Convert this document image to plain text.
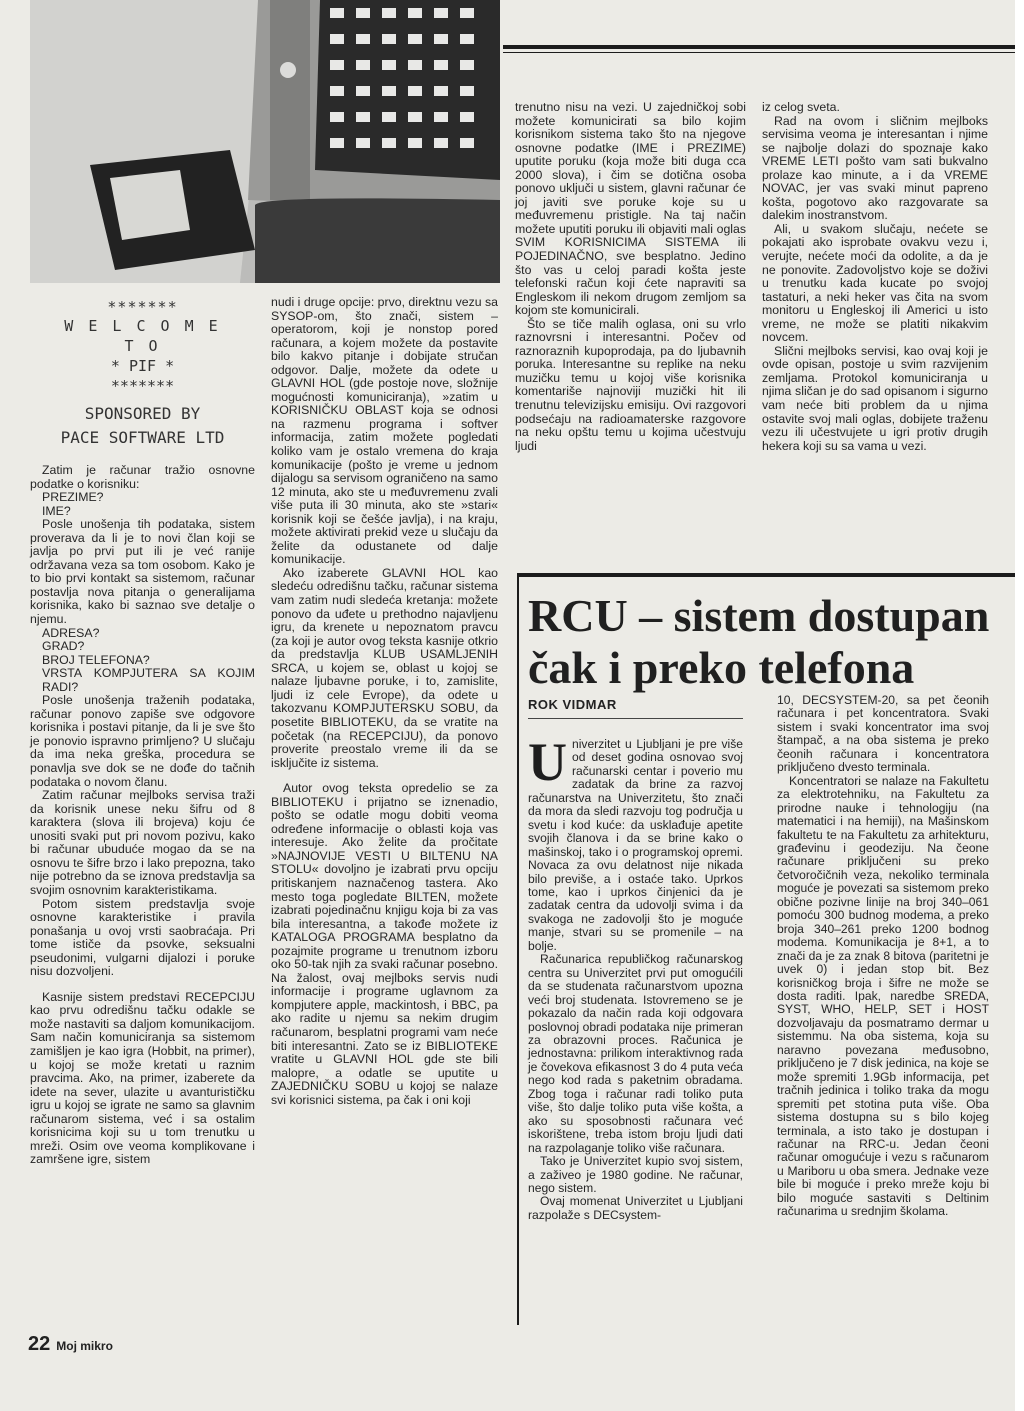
*******
W E L C O M E
T O
* PIF *
*******
SPONSORED BY
PACE SOFTWARE LTD

Zatim je računar tražio osnovne podatke o korisniku:

PREZIME?

IME?

Posle unošenja tih podataka, sistem proverava da li je to novi član koji se javlja po prvi put ili je već ranije održavana veza sa tom osobom. Kako je to bio prvi kontakt sa sistemom, računar postavlja nova pitanja o generalijama korisnika, kako bi saznao sve detalje o njemu.

ADRESA?

GRAD?

BROJ TELEFONA?

VRSTA KOMPJUTERA SA KOJIM RADI?

Posle unošenja traženih podataka, računar ponovo zapiše sve odgovore korisnika i postavi pitanje, da li je sve što je ponovio ispravno primljeno? U slučaju da ima neka greška, procedura se ponavlja sve dok se ne dođe do tačnih podataka o novom članu.

Zatim računar mejlboks servisa traži da korisnik unese neku šifru od 8 karaktera (slova ili brojeva) koju će unositi svaki put pri novom pozivu, kako bi računar ubuduće mogao da se na osnovu te šifre brzo i lako prepozna, tako nije potrebno da se iznova predstavlja sa svojim osnovnim karakteristikama.

Potom sistem predstavlja svoje osnovne karakteristike i pravila ponašanja u ovoj vrsti saobraćaja. Pri tome ističe da psovke, seksualni pseudonimi, vulgarni dijalozi i poruke nisu dozvoljeni.

Kasnije sistem predstavi RECEPCIJU kao prvu odredišnu tačku odakle se može nastaviti sa daljom komunikacijom. Sam način komuniciranja sa sistemom zamišljen je kao igra (Hobbit, na primer), u kojoj se može kretati u raznim pravcima. Ako, na primer, izaberete da idete na sever, ulazite u avanturističku igru u kojoj se igrate ne samo sa glavnim računarom sistema, već i sa ostalim korisnicima koji su u tom trenutku u mreži. Osim ove veoma komplikovane i zamršene igre, sistem

nudi i druge opcije: prvo, direktnu vezu sa SYSOP-om, što znači, sistem – operatorom, koji je nonstop pored računara, a kojem možete da postavite bilo kakvo pitanje i dobijate stručan odgovor. Dalje, možete da odete u GLAVNI HOL (gde postoje nove, složnije mogućnosti komuniciranja), »zatim u KORISNIČKU OBLAST koja se odnosi na razmenu programa i softver informacija, zatim možete pogledati koliko vam je ostalo vremena do kraja komunikacije (pošto je vreme u jednom dijalogu sa servisom ograničeno na samo 12 minuta, ako ste u međuvremenu zvali više puta ili 30 minuta, ako ste »stari« korisnik koji se češće javlja), i na kraju, možete aktivirati prekid veze u slučaju da želite da odustanete od dalje komunikacije.

Ako izaberete GLAVNI HOL kao sledeću odredišnu tačku, računar sistema vam zatim nudi sledeća kretanja: možete ponovo da uđete u prethodno najavljenu igru, da krenete u nepoznatom pravcu (za koji je autor ovog teksta kasnije otkrio da predstavlja KLUB USAMLJENIH SRCA, u kojem se, oblast u kojoj se nalaze ljubavne poruke, i to, zamislite, ljudi iz cele Evrope), da odete u takozvanu KOMPJUTERSKU SOBU, da posetite BIBLIOTEKU, da se vratite na početak (na RECEPCIJU), da ponovo proverite preostalo vreme ili da se isključite iz sistema.

Autor ovog teksta opredelio se za BIBLIOTEKU i prijatno se iznenadio, pošto se odatle mogu dobiti veoma određene informacije o oblasti koja vas interesuje. Ako želite da pročitate »NAJNOVIJE VESTI U BILTENU NA STOLU« dovoljno je izabrati prvu opciju pritiskanjem naznačenog tastera. Ako mesto toga pogledate BILTEN, možete izabrati pojedinačnu knjigu koja bi za vas bila interesantna, a takođe možete iz KATALOGA PROGRAMA besplatno da pozajmite programe u trenutnom izboru oko 50-tak njih za svaki računar posebno. Na žalost, ovaj mejlboks servis nudi informacije i programe uglavnom za kompjutere apple, mackintosh, i BBC, pa ako radite u njemu sa nekim drugim računarom, besplatni programi vam neće biti interesantni. Zato se iz BIBLIOTEKE vratite u GLAVNI HOL gde ste bili malopre, a odatle se uputite u ZAJEDNIČKU SOBU u kojoj se nalaze svi korisnici sistema, pa čak i oni koji

trenutno nisu na vezi. U zajedničkoj sobi možete komunicirati sa bilo kojim korisnikom sistema tako što na njegove osnovne podatke (IME i PREZIME) uputite poruku (koja može biti duga cca 2000 slova), i čim se dotična osoba ponovo uključi u sistem, glavni računar će joj javiti sve poruke koje su u međuvremenu pristigle. Na taj način možete uputiti poruku ili objaviti mali oglas SVIM KORISNICIMA SISTEMA ili POJEDINAČNO, sve besplatno. Jedino što vas u celoj paradi košta jeste telefonski račun koji ćete napraviti sa Engleskom ili nekom drugom zemljom sa kojom ste komunicirali.

Što se tiče malih oglasa, oni su vrlo raznovrsni i interesantni. Počev od raznoraznih kupoprodaja, pa do ljubavnih poruka. Interesantne su replike na neku muzičku temu u kojoj više korisnika komentariše najnoviji muzički hit ili trenutnu televizijsku emisiju. Ovi razgovori podsećaju na radioamaterske razgovore na neku opštu temu u kojima učestvuju ljudi

iz celog sveta.

Rad na ovom i sličnim mejlboks servisima veoma je interesantan i njime se najbolje dolazi do spoznaje kako VREME LETI pošto vam sati bukvalno prolaze kao minute, a i da VREME NOVAC, jer vas svaki minut papreno košta, pogotovo ako razgovarate sa dalekim inostranstvom.

Ali, u svakom slučaju, nećete se pokajati ako isprobate ovakvu vezu i, verujte, nećete moći da odolite, a da je ne ponovite. Zadovoljstvo koje se doživi u trenutku kada kucate po svojoj tastaturi, a neki heker vas čita na svom monitoru u Engleskoj ili Americi u isto vreme, ne može se platiti nikakvim novcem.

Slični mejlboks servisi, kao ovaj koji je ovde opisan, postoje u svim razvijenim zemljama. Protokol komuniciranja u njima sličan je do sad opisanom i sigurno vam neće biti problem da u njima ostavite svoj mali oglas, dobijete traženu vezu ili učestvujete u igri protiv drugih hekera koji su sa vama u vezi.

RCU – sistem dostupan
čak i preko telefona
ROK VIDMAR

Univerzitet u Ljubljani je pre više od deset godina osnovao svoj računarski centar i poverio mu zadatak da brine za razvoj računarstva na Univerzitetu, što znači da mora da sledi razvoju tog područja u svetu i kod kuće: da usklađuje apetite svojih članova i da se brine kako o mašinskoj, tako i o programskoj opremi. Novaca za ovu delatnost nije nikada bilo previše, a i ostaće tako. Uprkos tome, kao i uprkos činjenici da je zadatak centra da udovolji svima i da svakoga ne zadovolji što je moguće manje, stvari su se promenile – na bolje.

Računarica republičkog računarskog centra su Univerzitet prvi put omogućili da se studenata računarstvom upozna veći broj studenata. Istovremeno se je pokazalo da način rada koji odgovara poslovnoj obradi podataka nije primeran za obrazovni proces. Računica je jednostavna: prilikom interaktivnog rada je čovekova efikasnost 3 do 4 puta veća nego kod rada s paketnim obradama. Zbog toga i računar radi toliko puta više, što dalje toliko puta više košta, a ako su sposobnosti računara već iskorištene, treba istom broju ljudi dati na razpolaganje toliko više računara.

Tako je Univerzitet kupio svoj sistem, a zaživeo je 1980 godine. Ne računar, nego sistem.

Ovaj momenat Univerzitet u Ljubljani razpolaže s DECsystem-

10, DECSYSTEM-20, sa pet čeonih računara i pet koncentratora. Svaki sistem i svaki koncentrator ima svoj štampač, a na oba sistema je preko čeonih računara i koncentratora priključeno dvesto terminala.

Koncentratori se nalaze na Fakultetu za elektrotehniku, na Fakultetu za prirodne nauke i tehnologiju (na matematici i na hemiji), na Mašinskom fakultetu te na Fakultetu za arhitekturu, građevinu i geodeziju. Na čeone računare priključeni su preko četvoročičnih veza, nekoliko terminala moguće je povezati sa sistemom preko obične pozivne linije na broj 340–061 pomoću 300 budnog modema, a preko broja 340–261 preko 1200 bodnog modema. Komunikacija je 8+1, a to znači da je za znak 8 bitova (paritetni je uvek 0) i jedan stop bit. Bez korisničkog broja i šifre ne može se dosta raditi. Ipak, naredbe SREDA, SYST, WHO, HELP, SET i HOST dozvoljavaju da posmatramo dermar u sistemmu. Na oba sistema, koja su naravno povezana međusobno, priključeno je 7 disk jedinica, na koje se može spremiti 1.9Gb informacija, pet tračnih jedinica i toliko traka da mogu spremiti pet stotina puta više. Oba sistema dostupna su s bilo kojeg terminala, a isto tako je dostupan i računar na RRC-u. Jedan čeoni računar omogućuje i vezu s računarom u Mariboru u oba smera. Jednake veze bile bi moguće i preko mreže koju bi bilo moguće sastaviti s Deltinim računarima u srednjim školama.

22 Moj mikro
